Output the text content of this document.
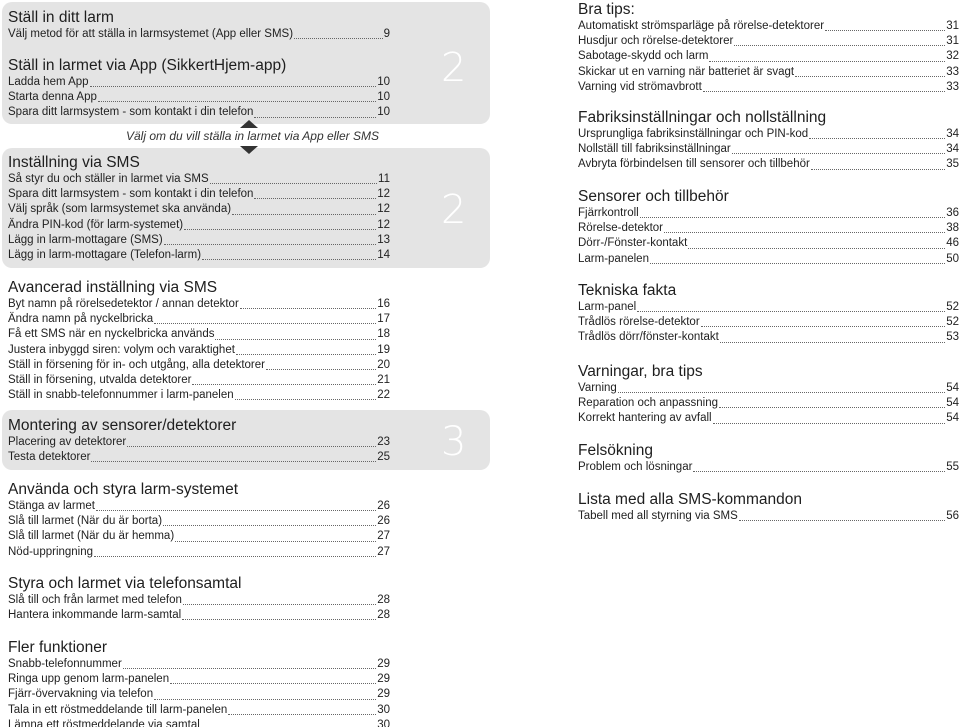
2
2
3
Välj om du vill ställa in larmet via App eller SMS
Ställ in ditt larm
Välj metod för att ställa in larmsystemet (App eller SMS)	9
Ställ in larmet via App (SikkertHjem-app)
Ladda hem App	10
Starta denna App	10
Spara ditt larmsystem - som kontakt i din telefon	10
Inställning via SMS
Så styr du och ställer in larmet via SMS	11
Spara ditt larmsystem - som kontakt i din telefon	12
Välj språk (som larmsystemet ska använda)	12
Ändra PIN-kod (för larm-systemet)	12
Lägg in larm-mottagare (SMS)	13
Lägg in larm-mottagare (Telefon-larm)	14
Avancerad inställning via SMS
Byt namn på rörelsedetektor / annan detektor	16
Ändra namn på nyckelbricka	17
Få ett SMS när en nyckelbricka används	18
Justera inbyggd siren: volym och varaktighet	19
Ställ in försening för in- och utgång, alla detektorer	20
Ställ in försening, utvalda detektorer	21
Ställ in snabb-telefonnummer i larm-panelen	22
Montering av sensorer/detektorer
Placering av detektorer	23
Testa detektorer	25
Använda och styra larm-systemet
Stänga av larmet	26
Slå till larmet (När du är borta)	26
Slå till larmet (När du är hemma)	27
Nöd-uppringning	27
Styra och larmet via telefonsamtal
Slå till och från larmet med telefon	28
Hantera inkommande larm-samtal	28
Fler funktioner
Snabb-telefonnummer	29
Ringa upp genom larm-panelen	29
Fjärr-övervakning via telefon	29
Tala in ett röstmeddelande till larm-panelen	30
Lämna ett röstmeddelande via samtal	30
Bra tips:
Automatiskt strömsparläge på rörelse-detektorer	31
Husdjur och rörelse-detektorer	31
Sabotage-skydd och larm	32
Skickar ut en varning när batteriet är svagt	33
Varning vid strömavbrott	33
Fabriksinställningar och nollställning
Ursprungliga fabriksinställningar och PIN-kod	34
Nollställ till fabriksinställningar	34
Avbryta förbindelsen till sensorer och tillbehör	35
Sensorer och tillbehör
Fjärrkontroll	36
Rörelse-detektor	38
Dörr-/Fönster-kontakt	46
Larm-panelen	50
Tekniska fakta
Larm-panel	52
Trådlös rörelse-detektor	52
Trådlös dörr/fönster-kontakt	53
Varningar, bra tips
Varning	54
Reparation och anpassning	54
Korrekt hantering av avfall	54
Felsökning
Problem och lösningar	55
Lista med alla SMS-kommandon
Tabell med all styrning via SMS	56
